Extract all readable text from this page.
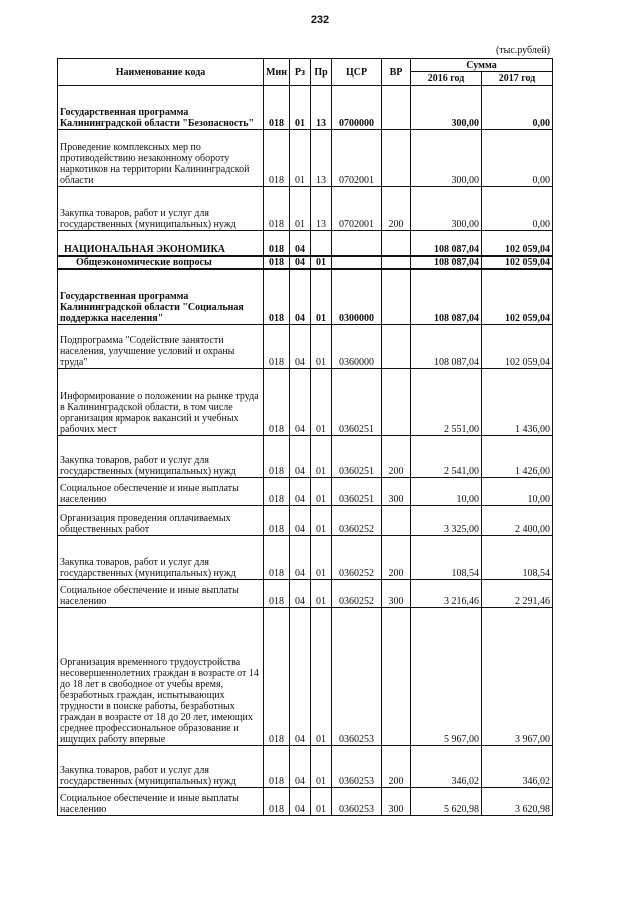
232
(тыс.рублей)
Наименование кода	Мин	Рз	Пр	ЦСР	ВР	Сумма	
						2016 год	2017 год
Государственная программа Калининградской области "Безопасность"	018	01	13	0700000		300,00	0,00
Проведение комплексных мер по противодействию незаконному обороту наркотиков на территории Калининградской области	018	01	13	0702001		300,00	0,00
Закупка товаров, работ и услуг для государственных (муниципальных) нужд	018	01	13	0702001	200	300,00	0,00
НАЦИОНАЛЬНАЯ ЭКОНОМИКА	018	04				108 087,04	102 059,04
Общеэкономические вопросы	018	04	01			108 087,04	102 059,04
Государственная программа Калининградской области "Социальная поддержка населения"	018	04	01	0300000		108 087,04	102 059,04
Подпрограмма "Содействие занятости населения, улучшение условий и охраны труда"	018	04	01	0360000		108 087,04	102 059,04
Информирование о положении на рынке труда в Калининградской области, в том числе организация ярмарок вакансий и учебных рабочих мест	018	04	01	0360251		2 551,00	1 436,00
Закупка товаров, работ и услуг для государственных (муниципальных) нужд	018	04	01	0360251	200	2 541,00	1 426,00
Социальное обеспечение и иные выплаты населению	018	04	01	0360251	300	10,00	10,00
Организация проведения оплачиваемых общественных работ	018	04	01	0360252		3 325,00	2 400,00
Закупка товаров, работ и услуг для государственных (муниципальных) нужд	018	04	01	0360252	200	108,54	108,54
Социальное обеспечение и иные выплаты населению	018	04	01	0360252	300	3 216,46	2 291,46
Организация временного трудоустройства несовершеннолетних граждан в возрасте от 14 до 18 лет в свободное от учебы время, безработных граждан, испытывающих трудности в поиске работы, безработных граждан в возрасте от 18 до 20 лет, имеющих среднее профессиональное образование и ищущих работу впервые	018	04	01	0360253		5 967,00	3 967,00
Закупка товаров, работ и услуг для государственных (муниципальных) нужд	018	04	01	0360253	200	346,02	346,02
Социальное обеспечение и иные выплаты населению	018	04	01	0360253	300	5 620,98	3 620,98
